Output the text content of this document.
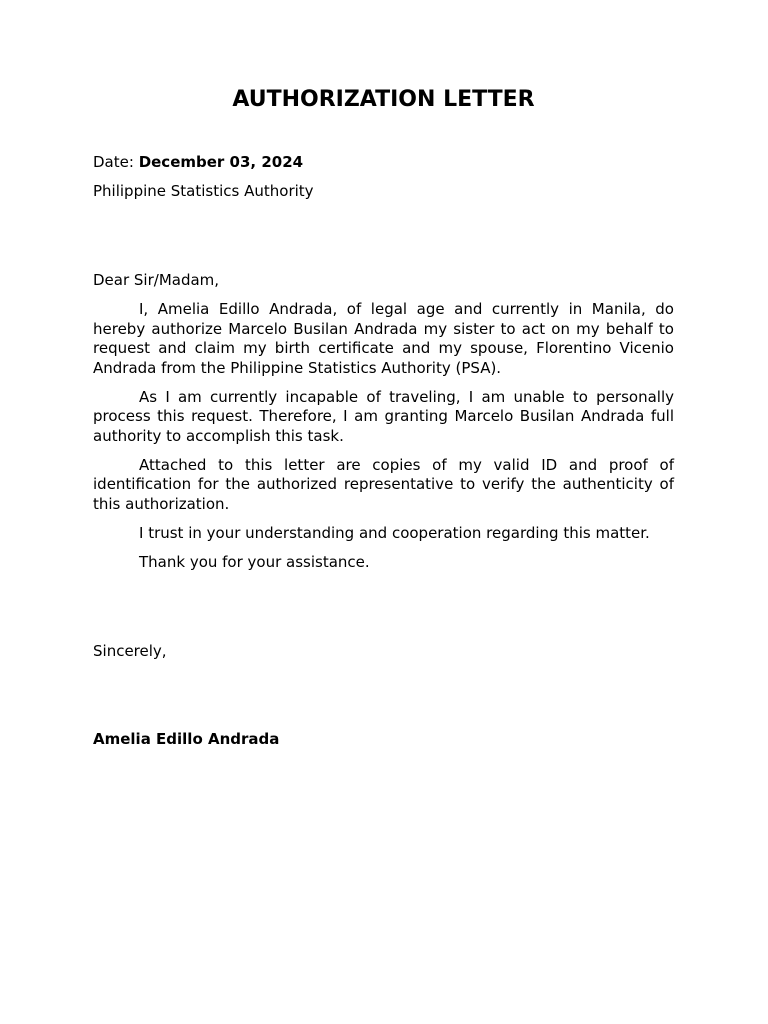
AUTHORIZATION LETTER

Date: December 03, 2024

Philippine Statistics Authority

Dear Sir/Madam,

I, Amelia Edillo Andrada, of legal age and currently in Manila, do hereby authorize Marcelo Busilan Andrada my sister to act on my behalf to request and claim my birth certificate and my spouse, Florentino Vicenio Andrada from the Philippine Statistics Authority (PSA).

As I am currently incapable of traveling, I am unable to personally process this request. Therefore, I am granting Marcelo Busilan Andrada full authority to accomplish this task.

Attached to this letter are copies of my valid ID and proof of identification for the authorized representative to verify the authenticity of this authorization.

I trust in your understanding and cooperation regarding this matter.

Thank you for your assistance.

Sincerely,

Amelia Edillo Andrada
